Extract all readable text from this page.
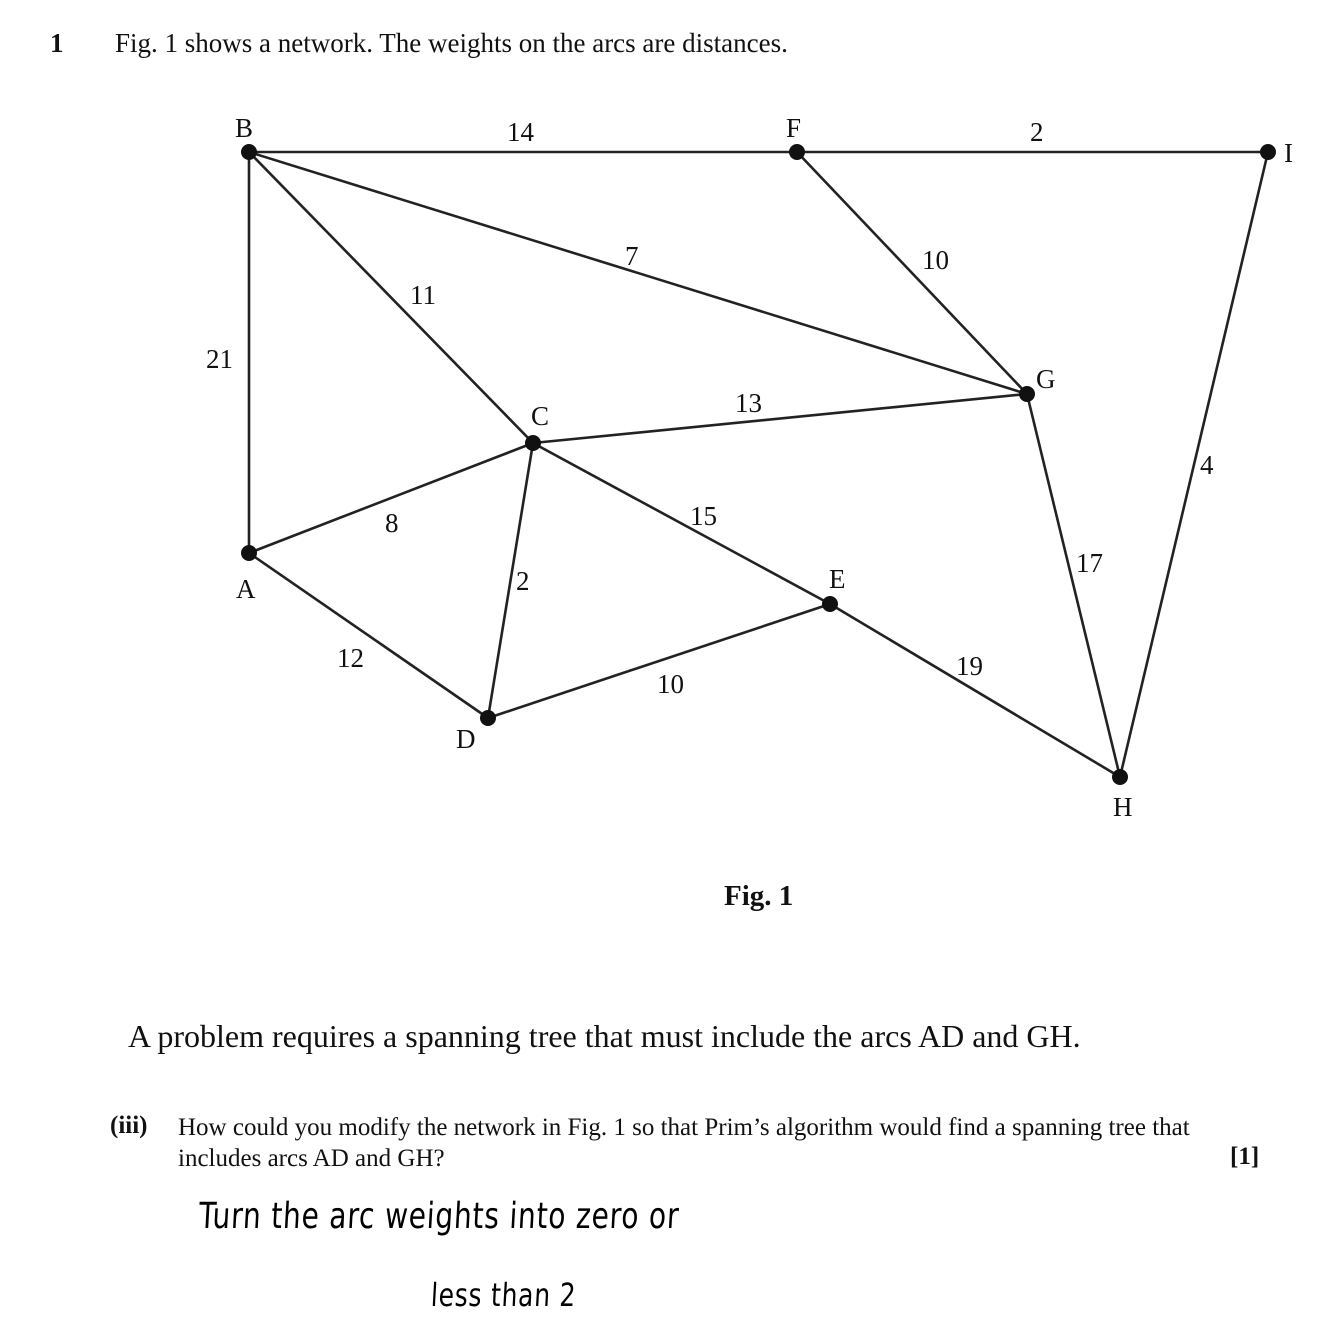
1 Fig. 1 shows a network. The weights on the arcs are distances.
14	2
7	10
11
21
13
4
8	15
2
17
12
10
19
A
B
C
D
E
F
G
H
I
Fig. 1
A problem requires a spanning tree that must include the arcs AD and GH.
(iii) How could you modify the network in Fig. 1 so that Prim’s algorithm would find a spanning tree that includes arcs AD and GH?	[1]
Turn the arc weights into zero or
less than 2
